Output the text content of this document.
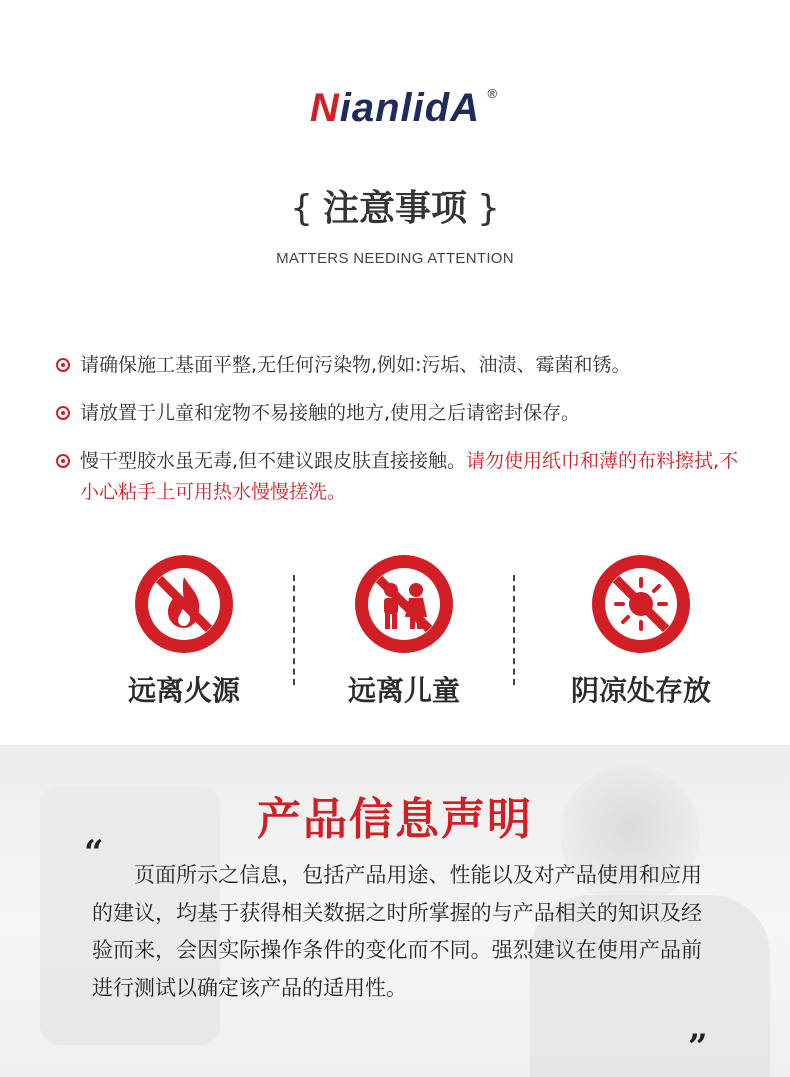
NianlidA ®
{ 注意事项 }
MATTERS NEEDING ATTENTION
请确保施工基面平整,无任何污染物,例如:污垢、油渍、霉菌和锈。
请放置于儿童和宠物不易接触的地方,使用之后请密封保存。
慢干型胶水虽无毒,但不建议跟皮肤直接接触。请勿使用纸巾和薄的布料擦拭,不小心粘手上可用热水慢慢搓洗。
远离火源	远离儿童	阴凉处存放
产品信息声明
“
页面所示之信息，包括产品用途、性能以及对产品使用和应用的建议，均基于获得相关数据之时所掌握的与产品相关的知识及经验而来，会因实际操作条件的变化而不同。强烈建议在使用产品前进行测试以确定该产品的适用性。
”
